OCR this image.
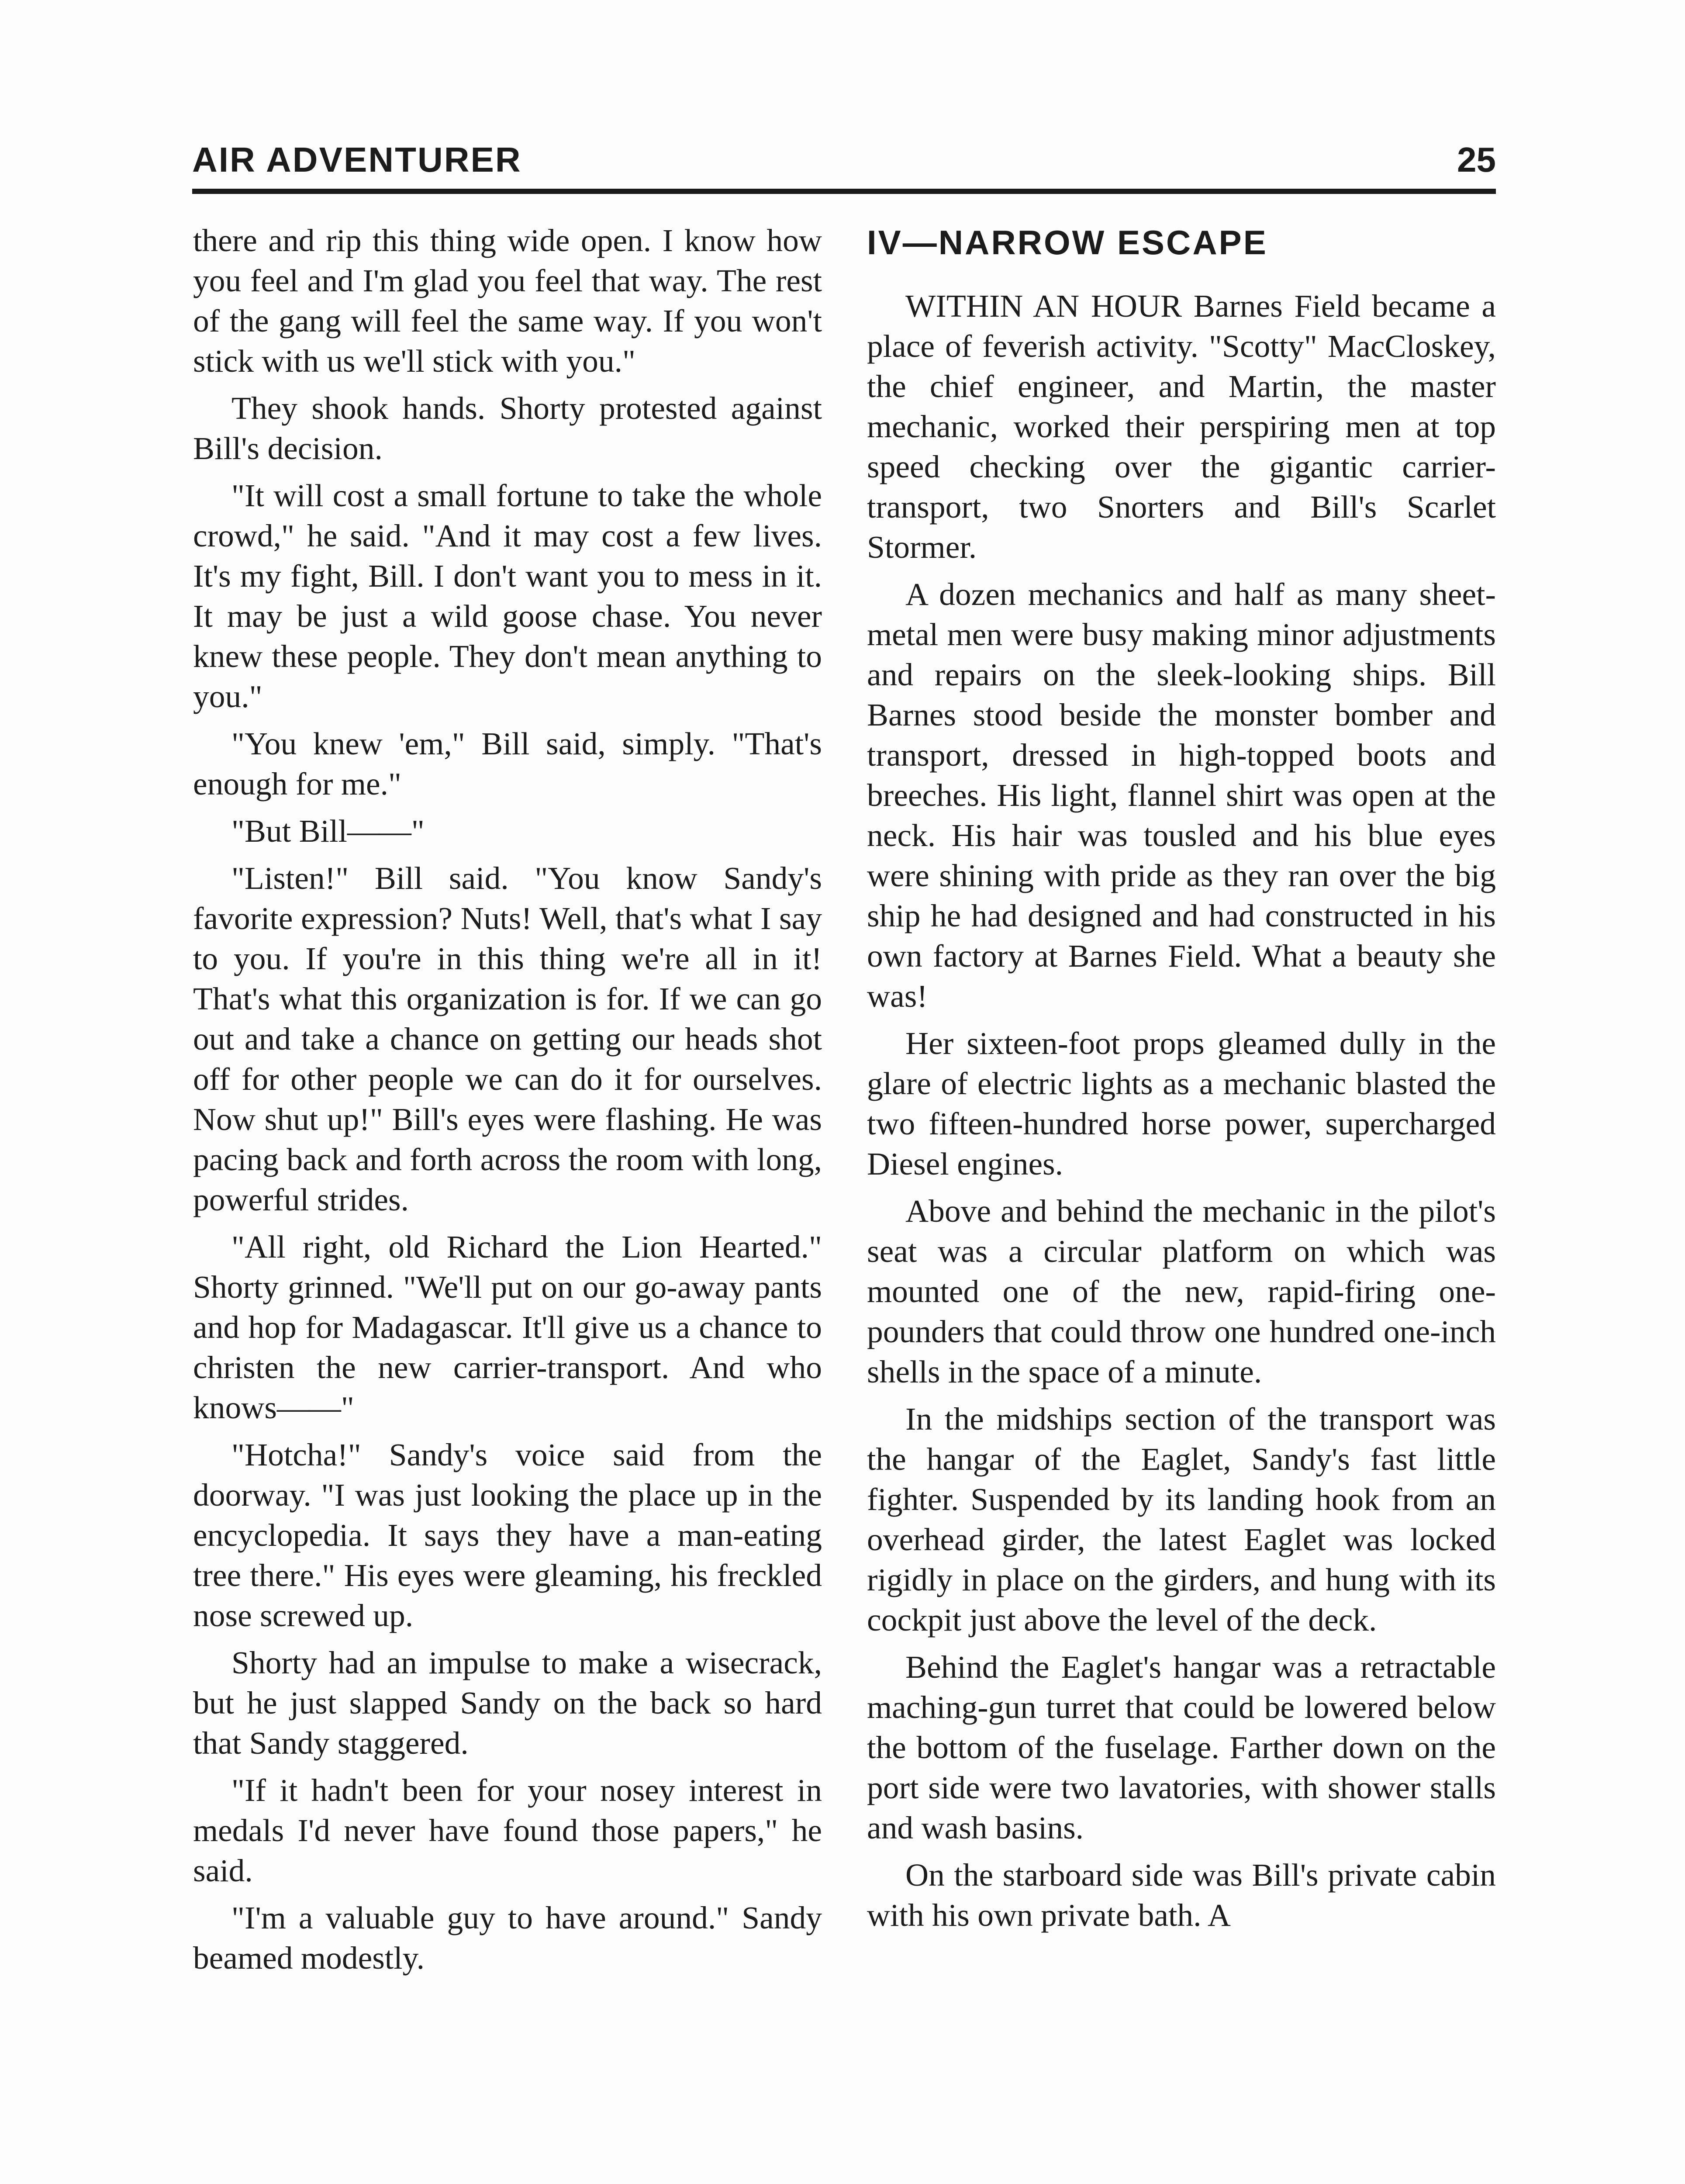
AIR ADVENTURER	25

there and rip this thing wide open. I know how you feel and I'm glad you feel that way. The rest of the gang will feel the same way. If you won't stick with us we'll stick with you."

They shook hands. Shorty protested against Bill's decision.

"It will cost a small fortune to take the whole crowd," he said. "And it may cost a few lives. It's my fight, Bill. I don't want you to mess in it. It may be just a wild goose chase. You never knew these people. They don't mean anything to you."

"You knew 'em," Bill said, simply. "That's enough for me."

"But Bill——"

"Listen!" Bill said. "You know Sandy's favorite expression? Nuts! Well, that's what I say to you. If you're in this thing we're all in it! That's what this organization is for. If we can go out and take a chance on getting our heads shot off for other people we can do it for ourselves. Now shut up!" Bill's eyes were flashing. He was pacing back and forth across the room with long, powerful strides.

"All right, old Richard the Lion Hearted." Shorty grinned. "We'll put on our go-away pants and hop for Madagascar. It'll give us a chance to christen the new carrier-transport. And who knows——"

"Hotcha!" Sandy's voice said from the doorway. "I was just looking the place up in the encyclopedia. It says they have a man-eating tree there." His eyes were gleaming, his freckled nose screwed up.

Shorty had an impulse to make a wisecrack, but he just slapped Sandy on the back so hard that Sandy staggered.

"If it hadn't been for your nosey interest in medals I'd never have found those papers," he said.

"I'm a valuable guy to have around." Sandy beamed modestly.

IV—NARROW ESCAPE

WITHIN AN HOUR Barnes Field became a place of feverish activity. "Scotty" MacCloskey, the chief engineer, and Martin, the master mechanic, worked their perspiring men at top speed checking over the gigantic carrier-transport, two Snorters and Bill's Scarlet Stormer.

A dozen mechanics and half as many sheet-metal men were busy making minor adjustments and repairs on the sleek-looking ships. Bill Barnes stood beside the monster bomber and transport, dressed in high-topped boots and breeches. His light, flannel shirt was open at the neck. His hair was tousled and his blue eyes were shining with pride as they ran over the big ship he had designed and had constructed in his own factory at Barnes Field. What a beauty she was!

Her sixteen-foot props gleamed dully in the glare of electric lights as a mechanic blasted the two fifteen-hundred horse power, supercharged Diesel engines.

Above and behind the mechanic in the pilot's seat was a circular platform on which was mounted one of the new, rapid-firing one-pounders that could throw one hundred one-inch shells in the space of a minute.

In the midships section of the transport was the hangar of the Eaglet, Sandy's fast little fighter. Suspended by its landing hook from an overhead girder, the latest Eaglet was locked rigidly in place on the girders, and hung with its cockpit just above the level of the deck.

Behind the Eaglet's hangar was a retractable maching-gun turret that could be lowered below the bottom of the fuselage. Farther down on the port side were two lavatories, with shower stalls and wash basins.

On the starboard side was Bill's private cabin with his own private bath. A
